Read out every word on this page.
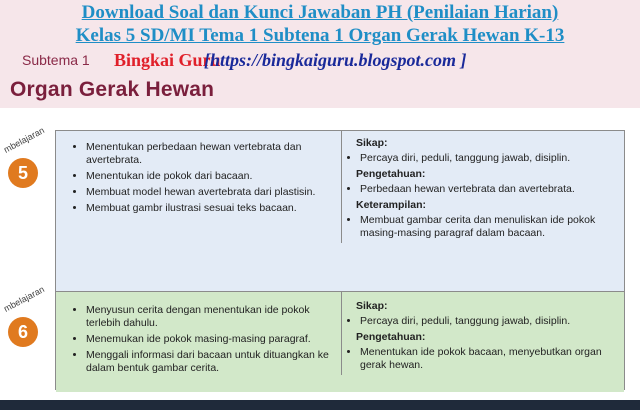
Download Soal dan Kunci Jawaban PH (Penilaian Harian)
Kelas 5 SD/MI Tema 1 Subtena 1 Organ Gerak Hewan K-13
Subtema 1 Bingkai Guru
[https://bingkaiguru.blogspot.com ]
Organ Gerak Hewan
mbelajaran
5
mbelajaran
6
• Menentukan perbedaan hewan vertebrata dan avertebrata.
• Menentukan ide pokok dari bacaan.
• Membuat model hewan avertebrata dari plastisin.
• Membuat gambr ilustrasi sesuai teks bacaan.
Sikap:
• Percaya diri, peduli, tanggung jawab, disiplin.
Pengetahuan:
• Perbedaan hewan vertebrata dan avertebrata.
Keterampilan:
• Membuat gambar cerita dan menuliskan ide pokok masing-masing paragraf dalam bacaan.
• Menyusun cerita dengan menentukan ide pokok terlebih dahulu.
• Menemukan ide pokok masing-masing paragraf.
• Menggali informasi dari bacaan untuk dituangkan ke dalam bentuk gambar cerita.
Sikap:
• Percaya diri, peduli, tanggung jawab, disiplin.
Pengetahuan:
• Menentukan ide pokok bacaan, menyebutkan organ gerak hewan.
